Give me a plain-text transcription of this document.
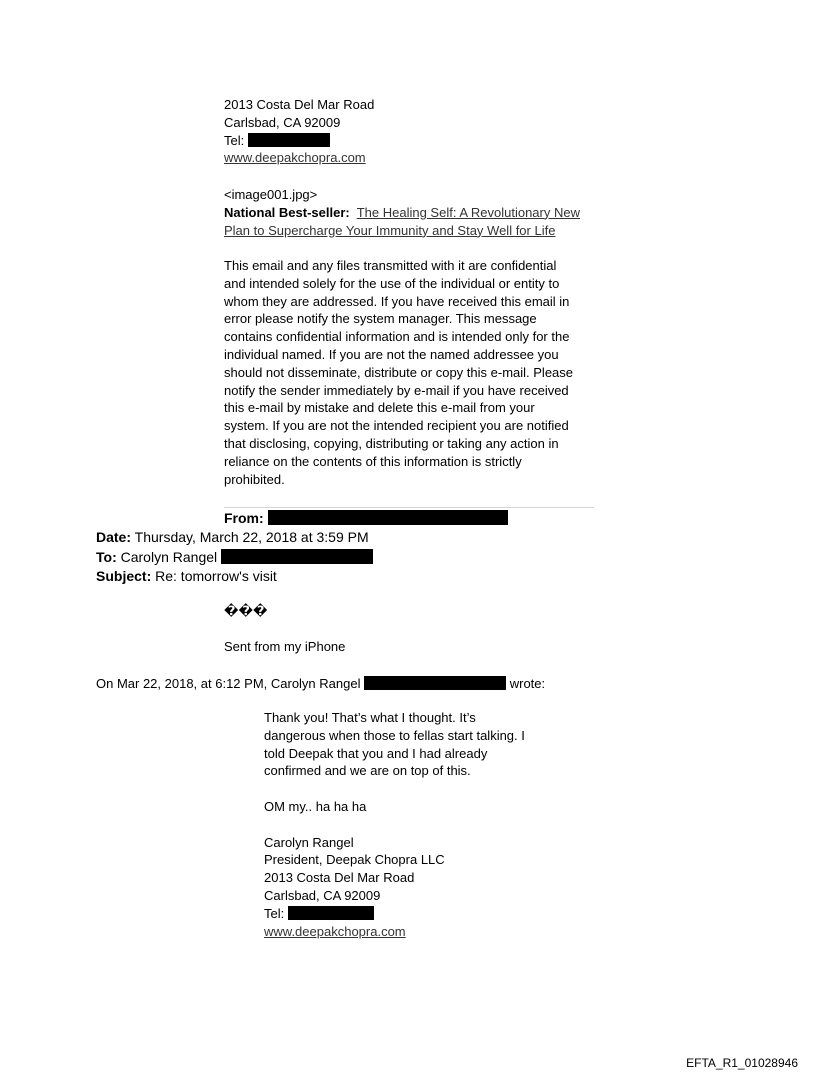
2013 Costa Del Mar Road
Carlsbad, CA 92009
Tel:
www.deepakchopra.com
<image001.jpg>
National Best-seller: The Healing Self: A Revolutionary New
Plan to Supercharge Your Immunity and Stay Well for Life
This email and any files transmitted with it are confidential
and intended solely for the use of the individual or entity to
whom they are addressed. If you have received this email in
error please notify the system manager. This message
contains confidential information and is intended only for the
individual named. If you are not the named addressee you
should not disseminate, distribute or copy this e-mail. Please
notify the sender immediately by e-mail if you have received
this e-mail by mistake and delete this e-mail from your
system. If you are not the intended recipient you are notified
that disclosing, copying, distributing or taking any action in
reliance on the contents of this information is strictly
prohibited.
From:
Date: Thursday, March 22, 2018 at 3:59 PM
To: Carolyn Rangel
Subject: Re: tomorrow's visit
���

Sent from my iPhone
On Mar 22, 2018, at 6:12 PM, Carolyn Rangel	wrote:
Thank you! That’s what I thought. It’s
dangerous when those to fellas start talking. I
told Deepak that you and I had already
confirmed and we are on top of this.

OM my.. ha ha ha

Carolyn Rangel
President, Deepak Chopra LLC
2013 Costa Del Mar Road
Carlsbad, CA 92009
Tel:
www.deepakchopra.com
EFTA_R1_01028946
